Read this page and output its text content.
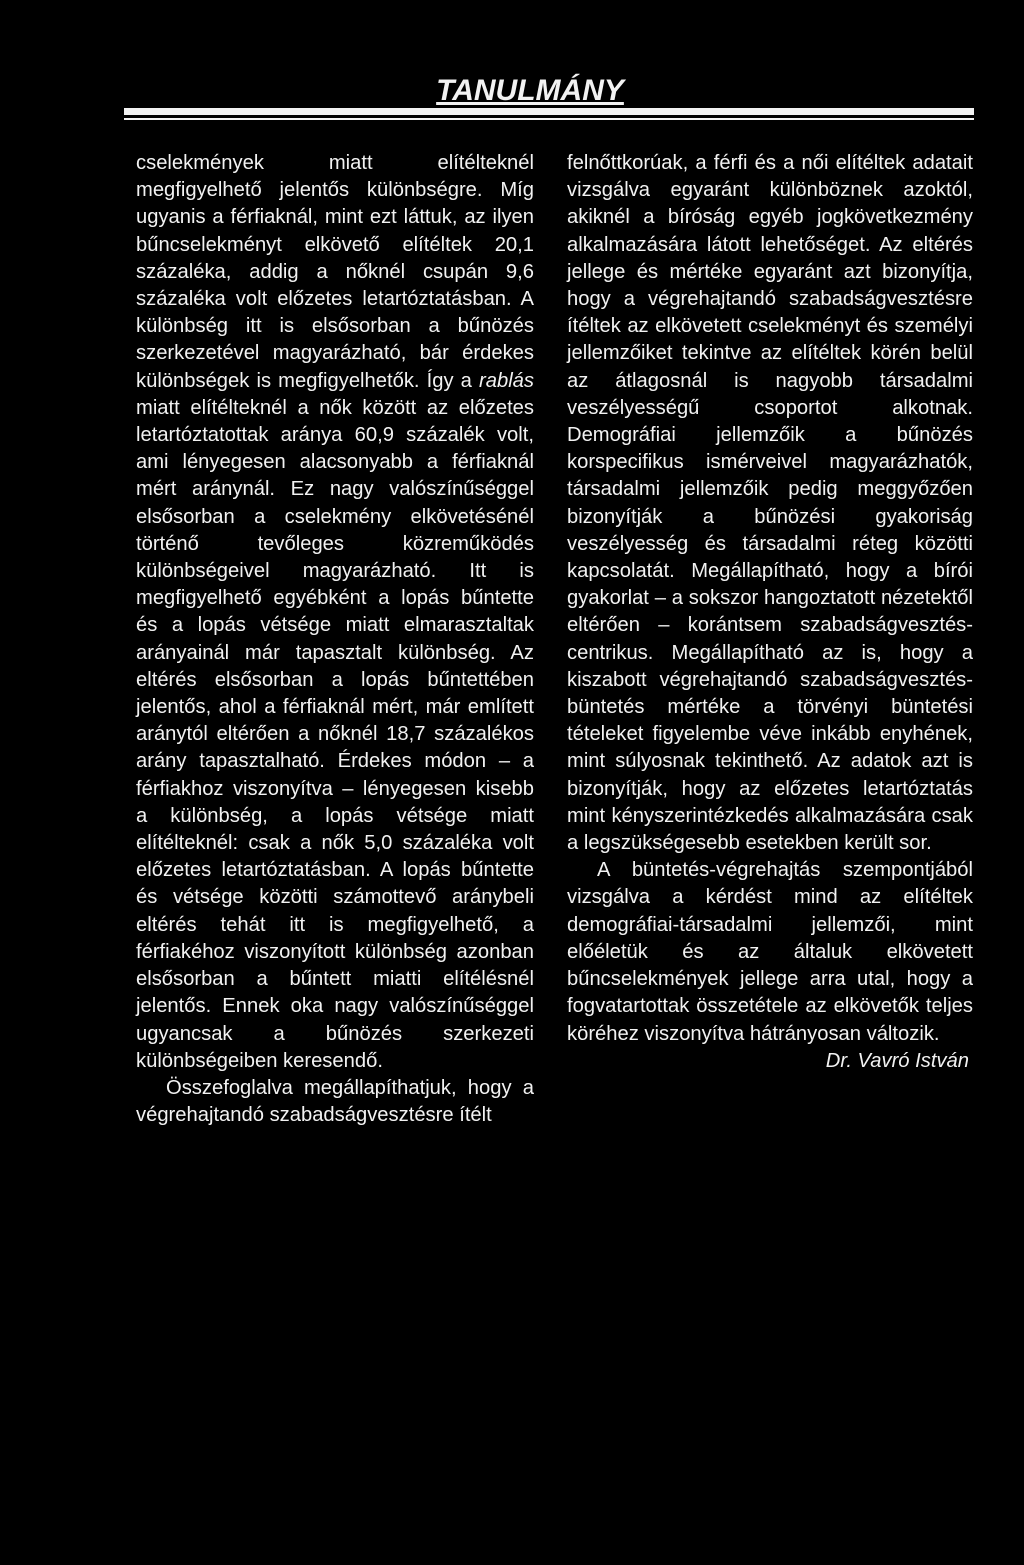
TANULMÁNY

cselekmények miatt elítélteknél megfigyelhető jelentős különbségre. Míg ugyanis a férfiaknál, mint ezt láttuk, az ilyen bűncselekményt elkövető elítéltek 20,1 százaléka, addig a nőknél csupán 9,6 százaléka volt előzetes letartóztatásban. A különbség itt is elsősorban a bűnözés szerkezetével magyarázható, bár érdekes különbségek is megfigyelhetők. Így a rablás miatt elítélteknél a nők között az előzetes letartóztatottak aránya 60,9 százalék volt, ami lényegesen alacsonyabb a férfiaknál mért aránynál. Ez nagy valószínűséggel elsősorban a cselekmény elkövetésénél történő tevőleges közreműködés különbségeivel magyarázható. Itt is megfigyelhető egyébként a lopás bűntette és a lopás vétsége miatt elmarasztaltak arányainál már tapasztalt különbség. Az eltérés elsősorban a lopás bűntettében jelentős, ahol a férfiaknál mért, már említett aránytól eltérően a nőknél 18,7 százalékos arány tapasztalható. Érdekes módon – a férfiakhoz viszonyítva – lényegesen kisebb a különbség, a lopás vétsége miatt elítélteknél: csak a nők 5,0 százaléka volt előzetes letartóztatásban. A lopás bűntette és vétsége közötti számottevő aránybeli eltérés tehát itt is megfigyelhető, a férfiakéhoz viszonyított különbség azonban elsősorban a bűntett miatti elítélésnél jelentős. Ennek oka nagy valószínűséggel ugyancsak a bűnözés szerkezeti különbségeiben keresendő.

Összefoglalva megállapíthatjuk, hogy a végrehajtandó szabadságvesztésre ítélt

felnőttkorúak, a férfi és a női elítéltek adatait vizsgálva egyaránt különböznek azoktól, akiknél a bíróság egyéb jogkövetkezmény alkalmazására látott lehetőséget. Az eltérés jellege és mértéke egyaránt azt bizonyítja, hogy a végrehajtandó szabadságvesztésre ítéltek az elkövetett cselekményt és személyi jellemzőiket tekintve az elítéltek körén belül az átlagosnál is nagyobb társadalmi veszélyességű csoportot alkotnak. Demográfiai jellemzőik a bűnözés korspecifikus ismérveivel magyarázhatók, társadalmi jellemzőik pedig meggyőzően bizonyítják a bűnözési gyakoriság veszélyesség és társadalmi réteg közötti kapcsolatát. Megállapítható, hogy a bírói gyakorlat – a sokszor hangoztatott nézetektől eltérően – korántsem szabadságvesztés-centrikus. Megállapítható az is, hogy a kiszabott végrehajtandó szabadságvesztés-büntetés mértéke a törvényi büntetési tételeket figyelembe véve inkább enyhének, mint súlyosnak tekinthető. Az adatok azt is bizonyítják, hogy az előzetes letartóztatás mint kényszerintézkedés alkalmazására csak a legszükségesebb esetekben került sor.

A büntetés-végrehajtás szempontjából vizsgálva a kérdést mind az elítéltek demográfiai-társadalmi jellemzői, mint előéletük és az általuk elkövetett bűncselekmények jellege arra utal, hogy a fogvatartottak összetétele az elkövetők teljes köréhez viszonyítva hátrányosan változik.

Dr. Vavró István
